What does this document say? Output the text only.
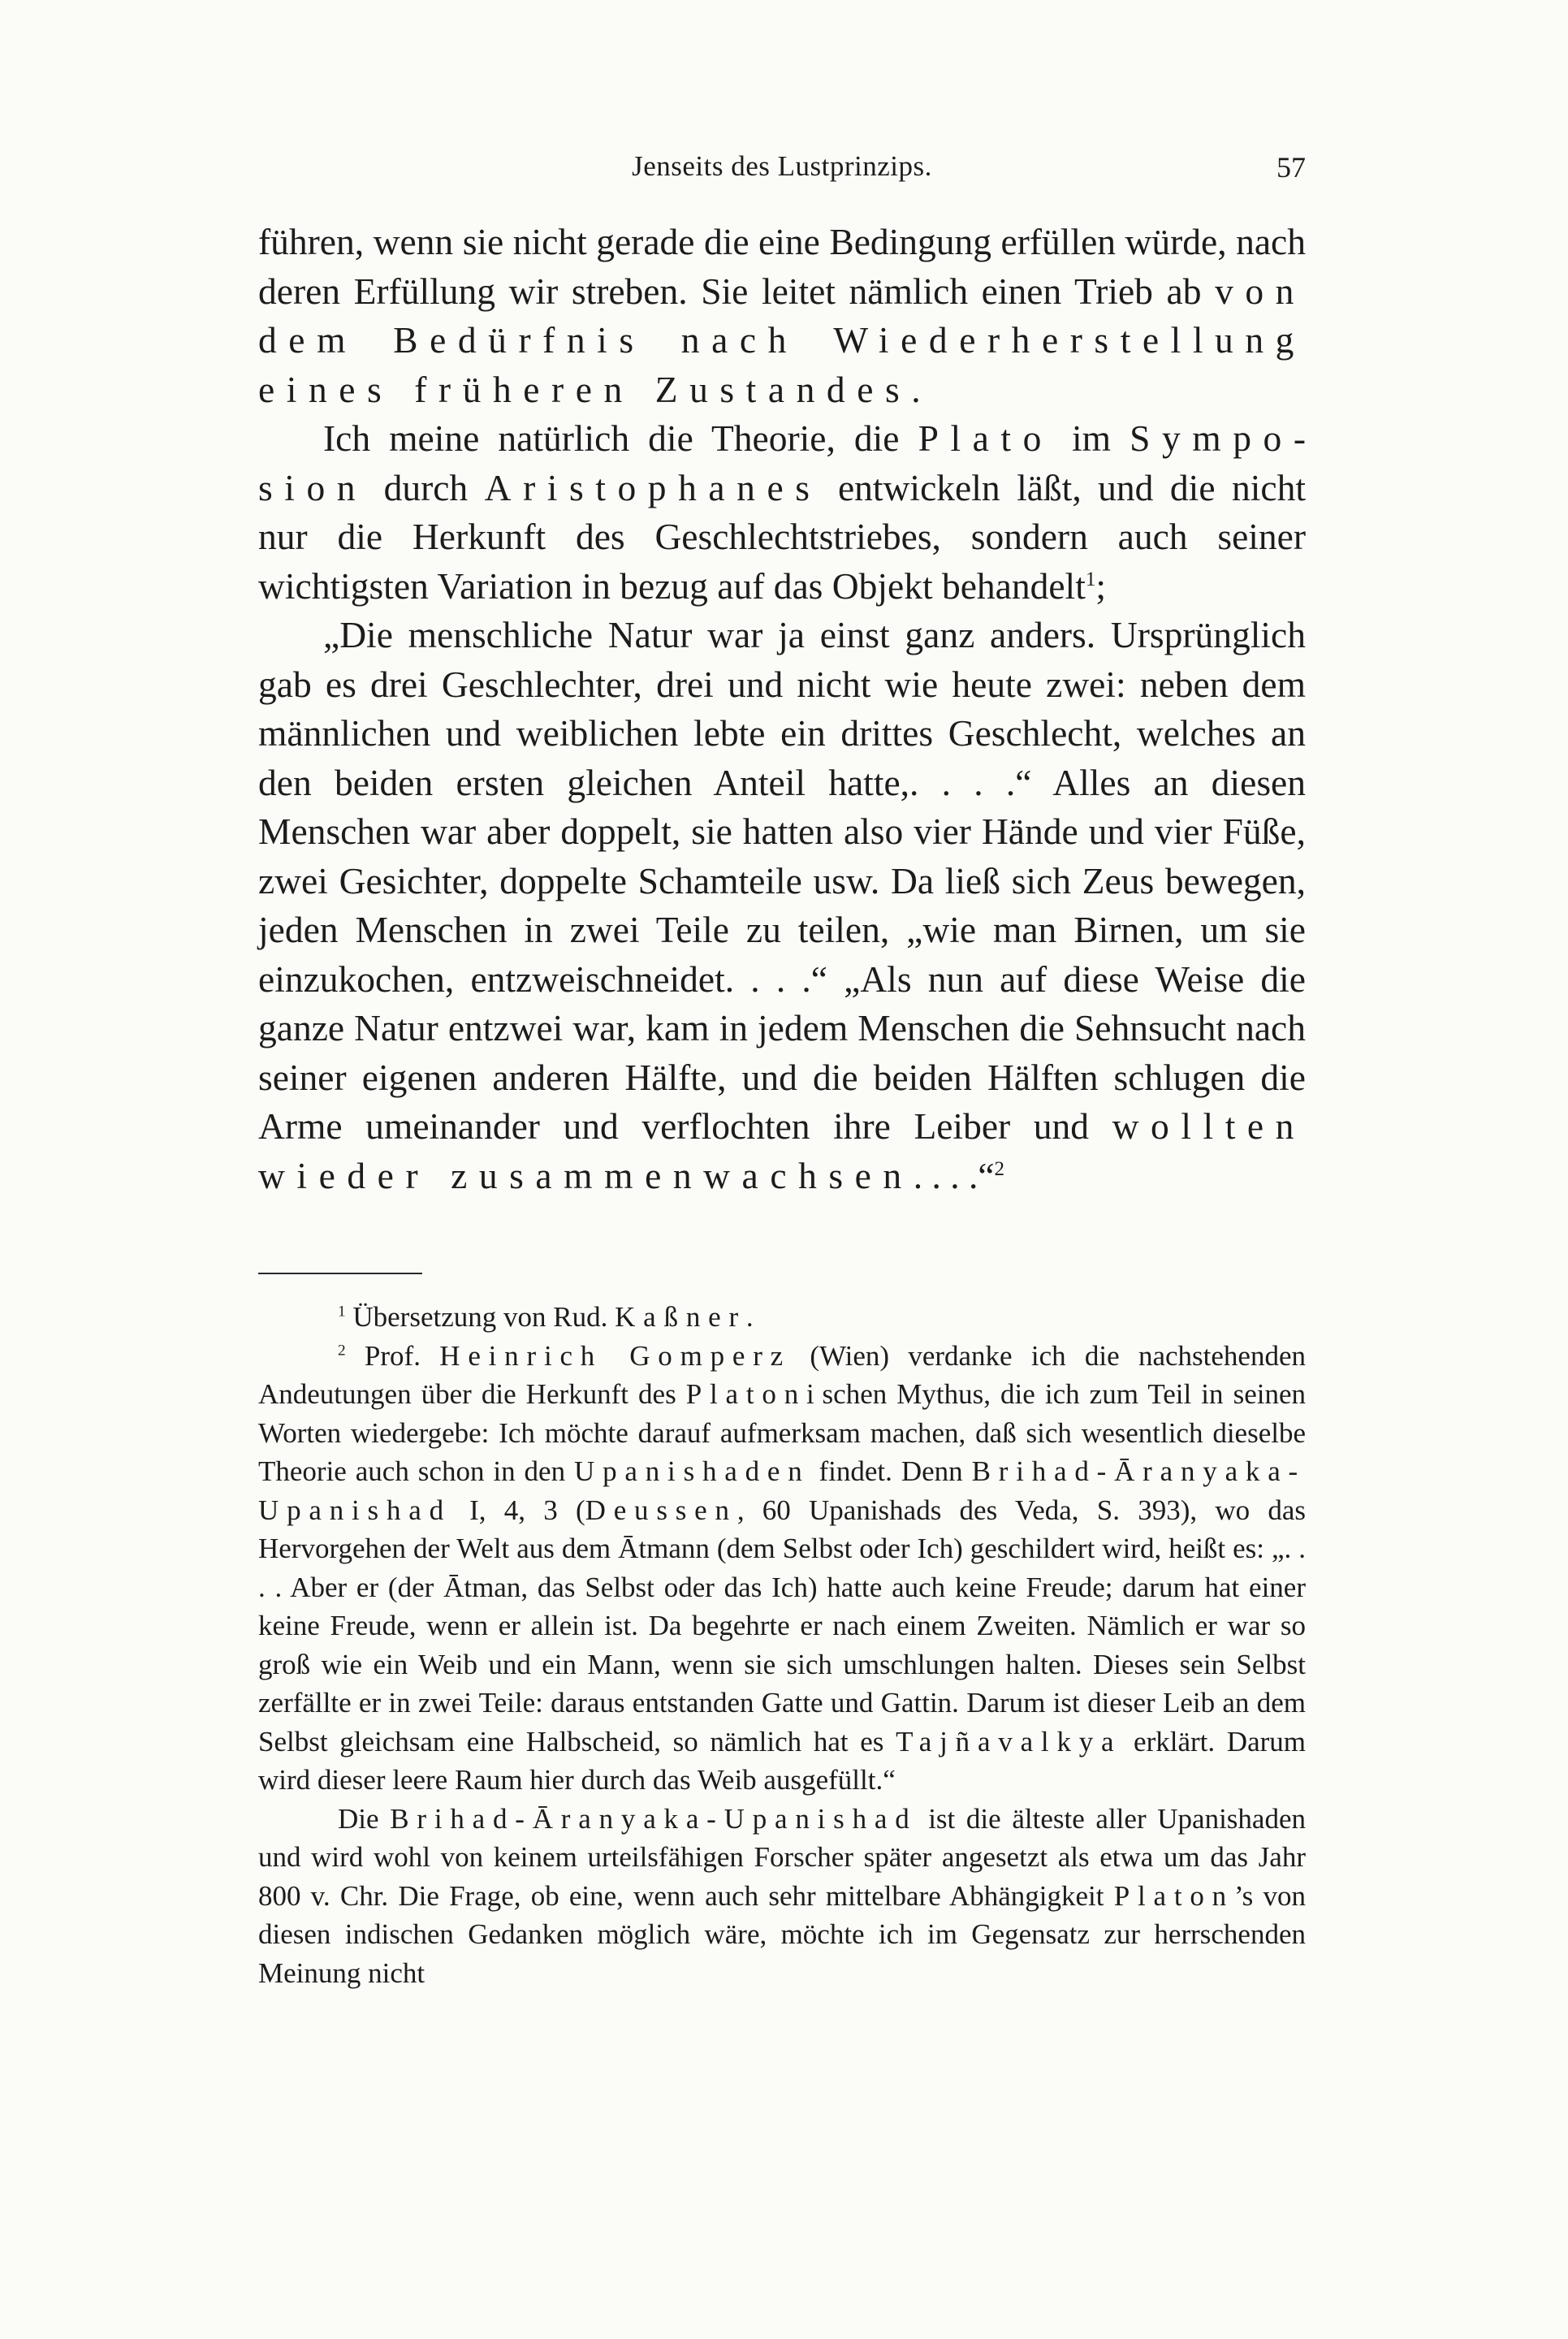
Jenseits des Lustprinzips.	57

führen, wenn sie nicht gerade die eine Bedingung erfüllen würde, nach deren Erfüllung wir streben. Sie leitet nämlich einen Trieb ab von dem Bedürfnis nach Wiederherstellung eines früheren Zustandes.

Ich meine natürlich die Theorie, die Plato im Symposion durch Aristophanes entwickeln läßt, und die nicht nur die Herkunft des Geschlechtstriebes, sondern auch seiner wichtigsten Variation in bezug auf das Objekt behandelt$^1$;

„Die menschliche Natur war ja einst ganz anders. Ursprünglich gab es drei Geschlechter, drei und nicht wie heute zwei: neben dem männlichen und weiblichen lebte ein drittes Geschlecht, welches an den beiden ersten gleichen Anteil hatte,. . . .“ Alles an diesen Menschen war aber doppelt, sie hatten also vier Hände und vier Füße, zwei Gesichter, doppelte Schamteile usw. Da ließ sich Zeus bewegen, jeden Menschen in zwei Teile zu teilen, „wie man Birnen, um sie einzukochen, entzweischneidet. . . .“ „Als nun auf diese Weise die ganze Natur entzwei war, kam in jedem Menschen die Sehnsucht nach seiner eigenen anderen Hälfte, und die beiden Hälften schlugen die Arme umeinander und verflochten ihre Leiber und wollten wieder zusammenwachsen. . . .“$^2$

$^1$ Übersetzung von Rud. Kaßner.

$^2$ Prof. Heinrich Gomperz (Wien) verdanke ich die nachstehenden Andeutungen über die Herkunft des Platonischen Mythus, die ich zum Teil in seinen Worten wiedergebe: Ich möchte darauf aufmerksam machen, daß sich wesentlich dieselbe Theorie auch schon in den Upanishaden findet. Denn Brihad-Āranyaka-Upanishad I, 4, 3 (Deussen, 60 Upanishads des Veda, S. 393), wo das Hervorgehen der Welt aus dem Ātmann (dem Selbst oder Ich) geschildert wird, heißt es: „. . . . Aber er (der Ātman, das Selbst oder das Ich) hatte auch keine Freude; darum hat einer keine Freude, wenn er allein ist. Da begehrte er nach einem Zweiten. Nämlich er war so groß wie ein Weib und ein Mann, wenn sie sich umschlungen halten. Dieses sein Selbst zerfällte er in zwei Teile: daraus entstanden Gatte und Gattin. Darum ist dieser Leib an dem Selbst gleichsam eine Halbscheid, so nämlich hat es Tajñavalkya erklärt. Darum wird dieser leere Raum hier durch das Weib ausgefüllt.“

Die Brihad-Āranyaka-Upanishad ist die älteste aller Upanishaden und wird wohl von keinem urteilsfähigen Forscher später angesetzt als etwa um das Jahr 800 v. Chr. Die Frage, ob eine, wenn auch sehr mittelbare Abhängigkeit Platon’s von diesen indischen Gedanken möglich wäre, möchte ich im Gegensatz zur herrschenden Meinung nicht
